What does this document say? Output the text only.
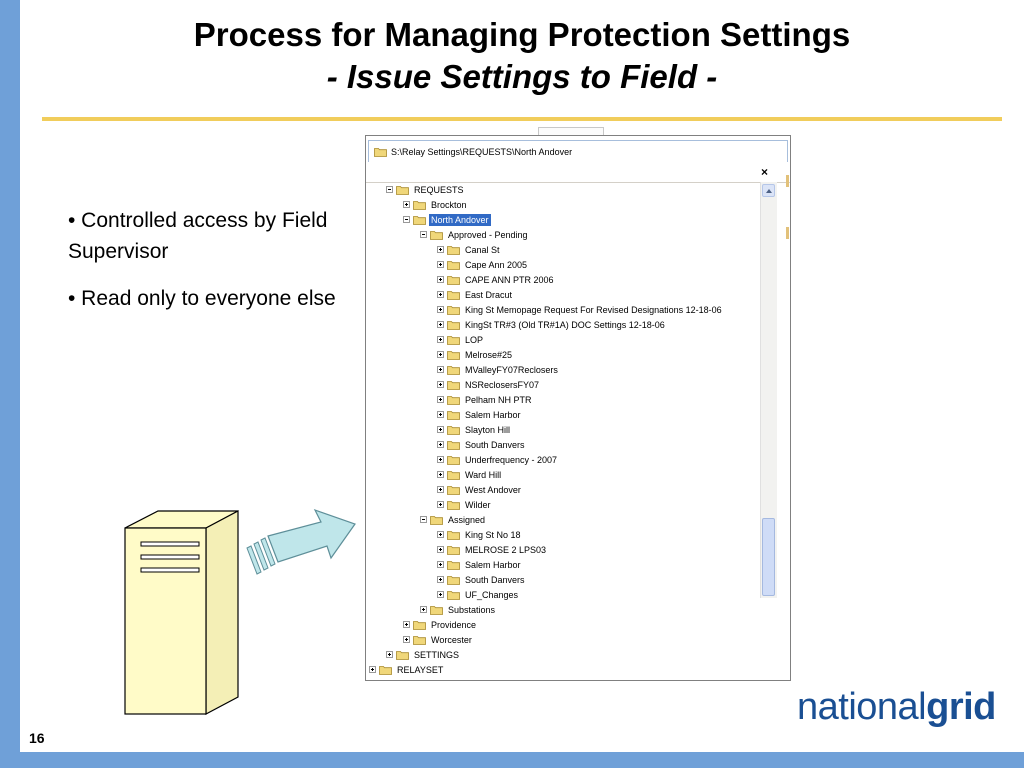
Process for Managing Protection Settings
- Issue Settings to Field -

• Controlled access by Field Supervisor

• Read only to everyone else

S:\Relay Settings\REQUESTS\North Andover
×
REQUESTS
Brockton
North Andover
Approved - Pending
Canal St
Cape Ann 2005
CAPE ANN PTR 2006
East Dracut
King St Memopage Request For Revised Designations 12-18-06
KingSt TR#3 (Old TR#1A) DOC Settings 12-18-06
LOP
Melrose#25
MValleyFY07Reclosers
NSReclosersFY07
Pelham NH PTR
Salem Harbor
Slayton Hill
South Danvers
Underfrequency - 2007
Ward Hill
West Andover
Wilder
Assigned
King St No 18
MELROSE 2 LPS03
Salem Harbor
South Danvers
UF_Changes
Substations
Providence
Worcester
SETTINGS
RELAYSET
16
nationalgrid
